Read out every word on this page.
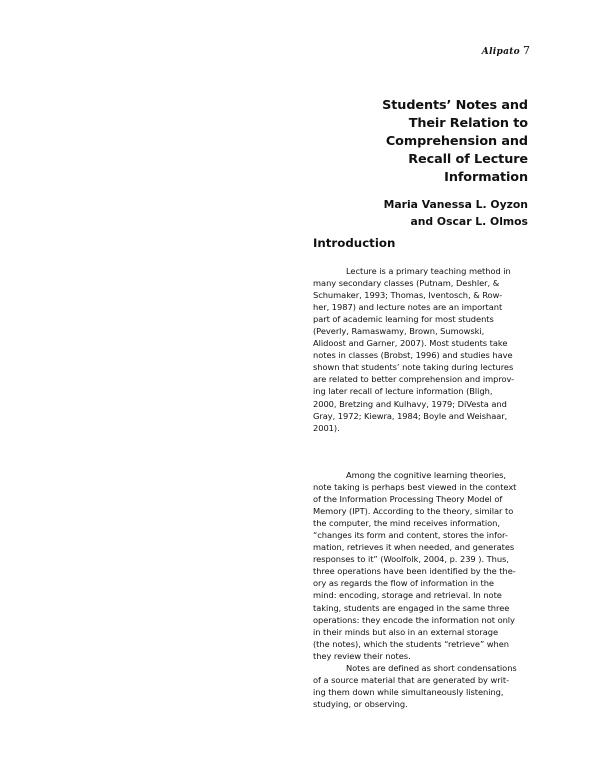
Alipato 7
Students’ Notes and
Their Relation to
Comprehension and
Recall of Lecture
Information
Maria Vanessa L. Oyzon
and Oscar L. Olmos
Introduction
Lecture is a primary teaching method in
many secondary classes (Putnam, Deshler, &
Schumaker, 1993; Thomas, Iventosch, & Row-
her, 1987) and lecture notes are an important
part of academic learning for most students
(Peverly, Ramaswamy, Brown, Sumowski,
Alidoost and Garner, 2007). Most students take
notes in classes (Brobst, 1996) and studies have
shown that students’ note taking during lectures
are related to better comprehension and improv-
ing later recall of lecture information (Bligh,
2000, Bretzing and Kulhavy, 1979; DiVesta and
Gray, 1972; Kiewra, 1984; Boyle and Weishaar,
2001).
Among the cognitive learning theories,
note taking is perhaps best viewed in the context
of the Information Processing Theory Model of
Memory (IPT). According to the theory, similar to
the computer, the mind receives information,
“changes its form and content, stores the infor-
mation, retrieves it when needed, and generates
responses to it” (Woolfolk, 2004, p. 239 ). Thus,
three operations have been identified by the the-
ory as regards the flow of information in the
mind: encoding, storage and retrieval. In note
taking, students are engaged in the same three
operations: they encode the information not only
in their minds but also in an external storage
(the notes), which the students “retrieve” when
they review their notes.
Notes are defined as short condensations
of a source material that are generated by writ-
ing them down while simultaneously listening,
studying, or observing.
